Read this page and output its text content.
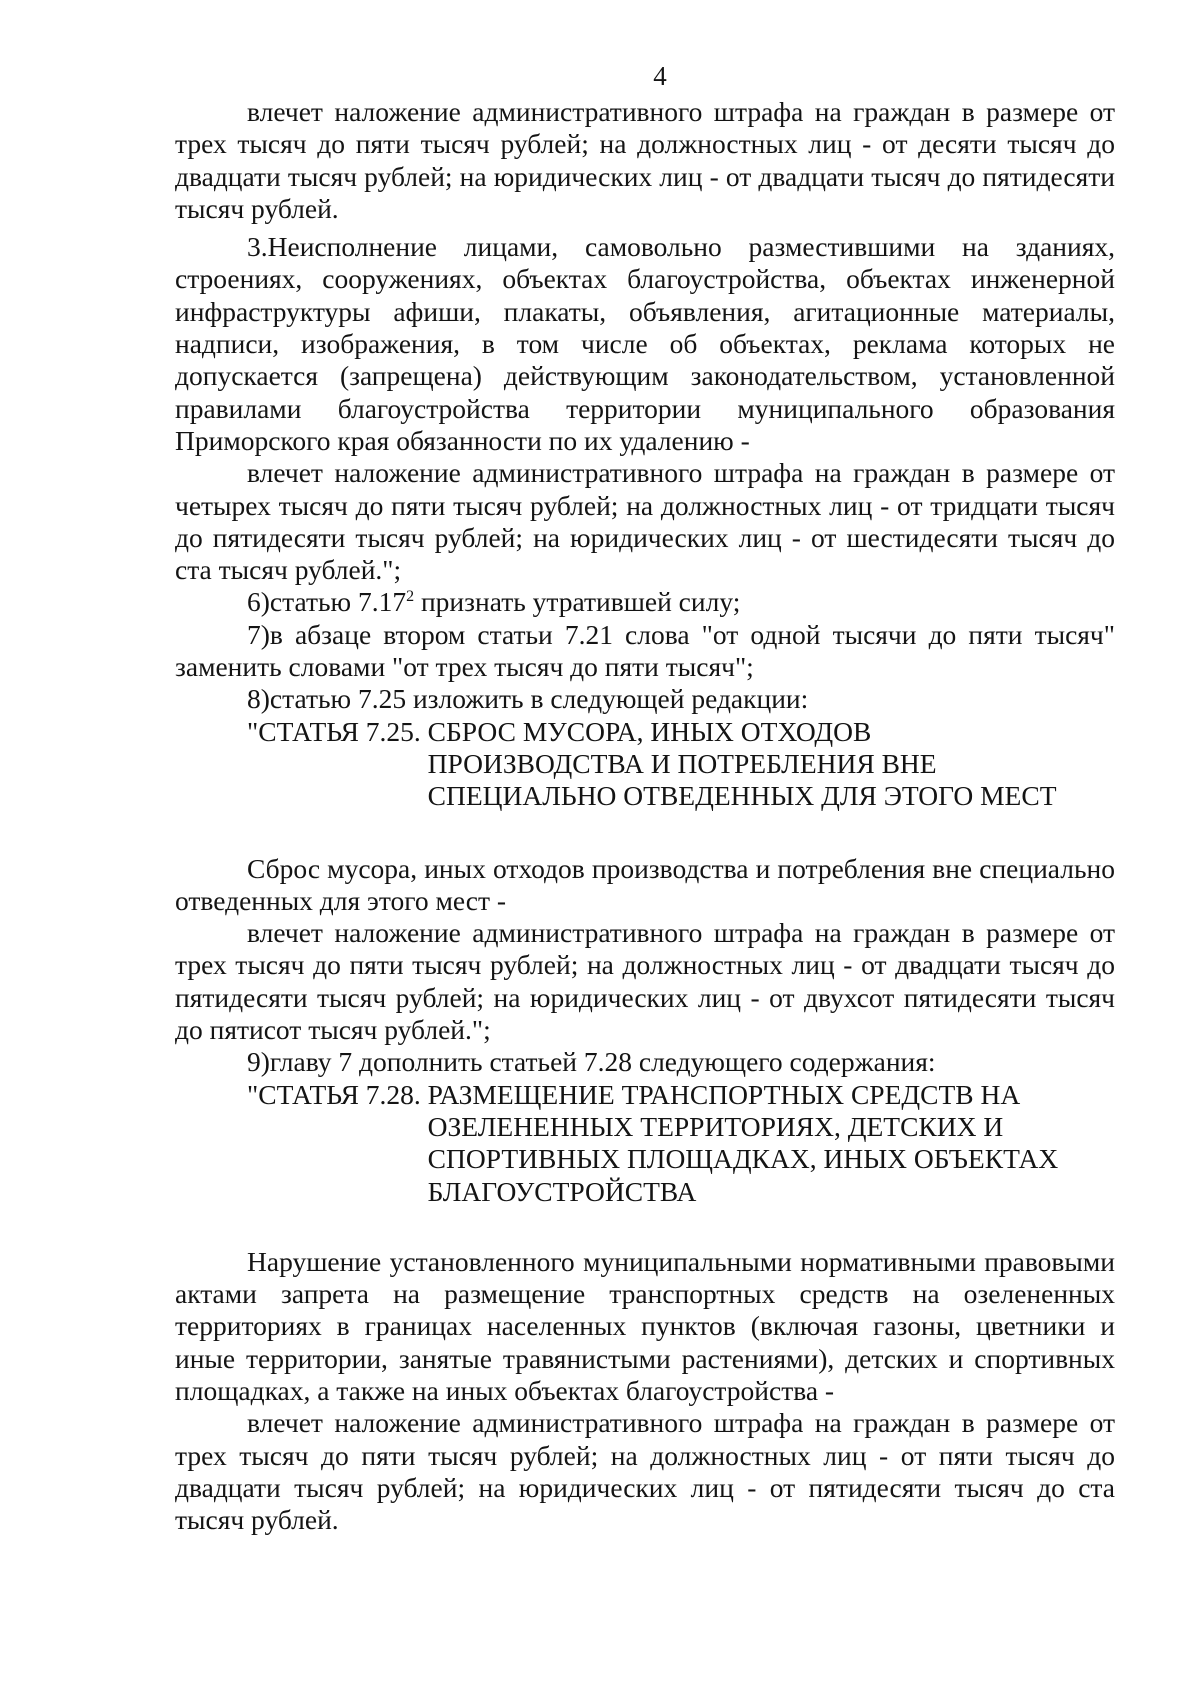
4

влечет наложение административного штрафа на граждан в размере от трех тысяч до пяти тысяч рублей; на должностных лиц - от десяти тысяч до двадцати тысяч рублей; на юридических лиц - от двадцати тысяч до пятидесяти тысяч рублей.

3.Неисполнение лицами, самовольно разместившими на зданиях, строениях, сооружениях, объектах благоустройства, объектах инженерной инфраструктуры афиши, плакаты, объявления, агитационные материалы, надписи, изображения, в том числе об объектах, реклама которых не допускается (запрещена) действующим законодательством, установленной правилами благоустройства территории муниципального образования Приморского края обязанности по их удалению -

влечет наложение административного штрафа на граждан в размере от четырех тысяч до пяти тысяч рублей; на должностных лиц - от тридцати тысяч до пятидесяти тысяч рублей; на юридических лиц - от шестидесяти тысяч до ста тысяч рублей.";

6)статью 7.17$^2$ признать утратившей силу;

7)в абзаце втором статьи 7.21 слова "от одной тысячи до пяти тысяч" заменить словами "от трех тысяч до пяти тысяч";

8)статью 7.25 изложить в следующей редакции:

"СТАТЬЯ 7.25. СБРОС МУСОРА, ИНЫХ ОТХОДОВ
ПРОИЗВОДСТВА И ПОТРЕБЛЕНИЯ ВНЕ
СПЕЦИАЛЬНО ОТВЕДЕННЫХ ДЛЯ ЭТОГО МЕСТ

Сброс мусора, иных отходов производства и потребления вне специально отведенных для этого мест -

влечет наложение административного штрафа на граждан в размере от трех тысяч до пяти тысяч рублей; на должностных лиц - от двадцати тысяч до пятидесяти тысяч рублей; на юридических лиц - от двухсот пятидесяти тысяч до пятисот тысяч рублей.";

9)главу 7 дополнить статьей 7.28 следующего содержания:

"СТАТЬЯ 7.28. РАЗМЕЩЕНИЕ ТРАНСПОРТНЫХ СРЕДСТВ НА
ОЗЕЛЕНЕННЫХ ТЕРРИТОРИЯХ, ДЕТСКИХ И
СПОРТИВНЫХ ПЛОЩАДКАХ, ИНЫХ ОБЪЕКТАХ
БЛАГОУСТРОЙСТВА

Нарушение установленного муниципальными нормативными правовыми актами запрета на размещение транспортных средств на озелененных территориях в границах населенных пунктов (включая газоны, цветники и иные территории, занятые травянистыми растениями), детских и спортивных площадках, а также на иных объектах благоустройства -

влечет наложение административного штрафа на граждан в размере от трех тысяч до пяти тысяч рублей; на должностных лиц - от пяти тысяч до двадцати тысяч рублей; на юридических лиц - от пятидесяти тысяч до ста тысяч рублей.
